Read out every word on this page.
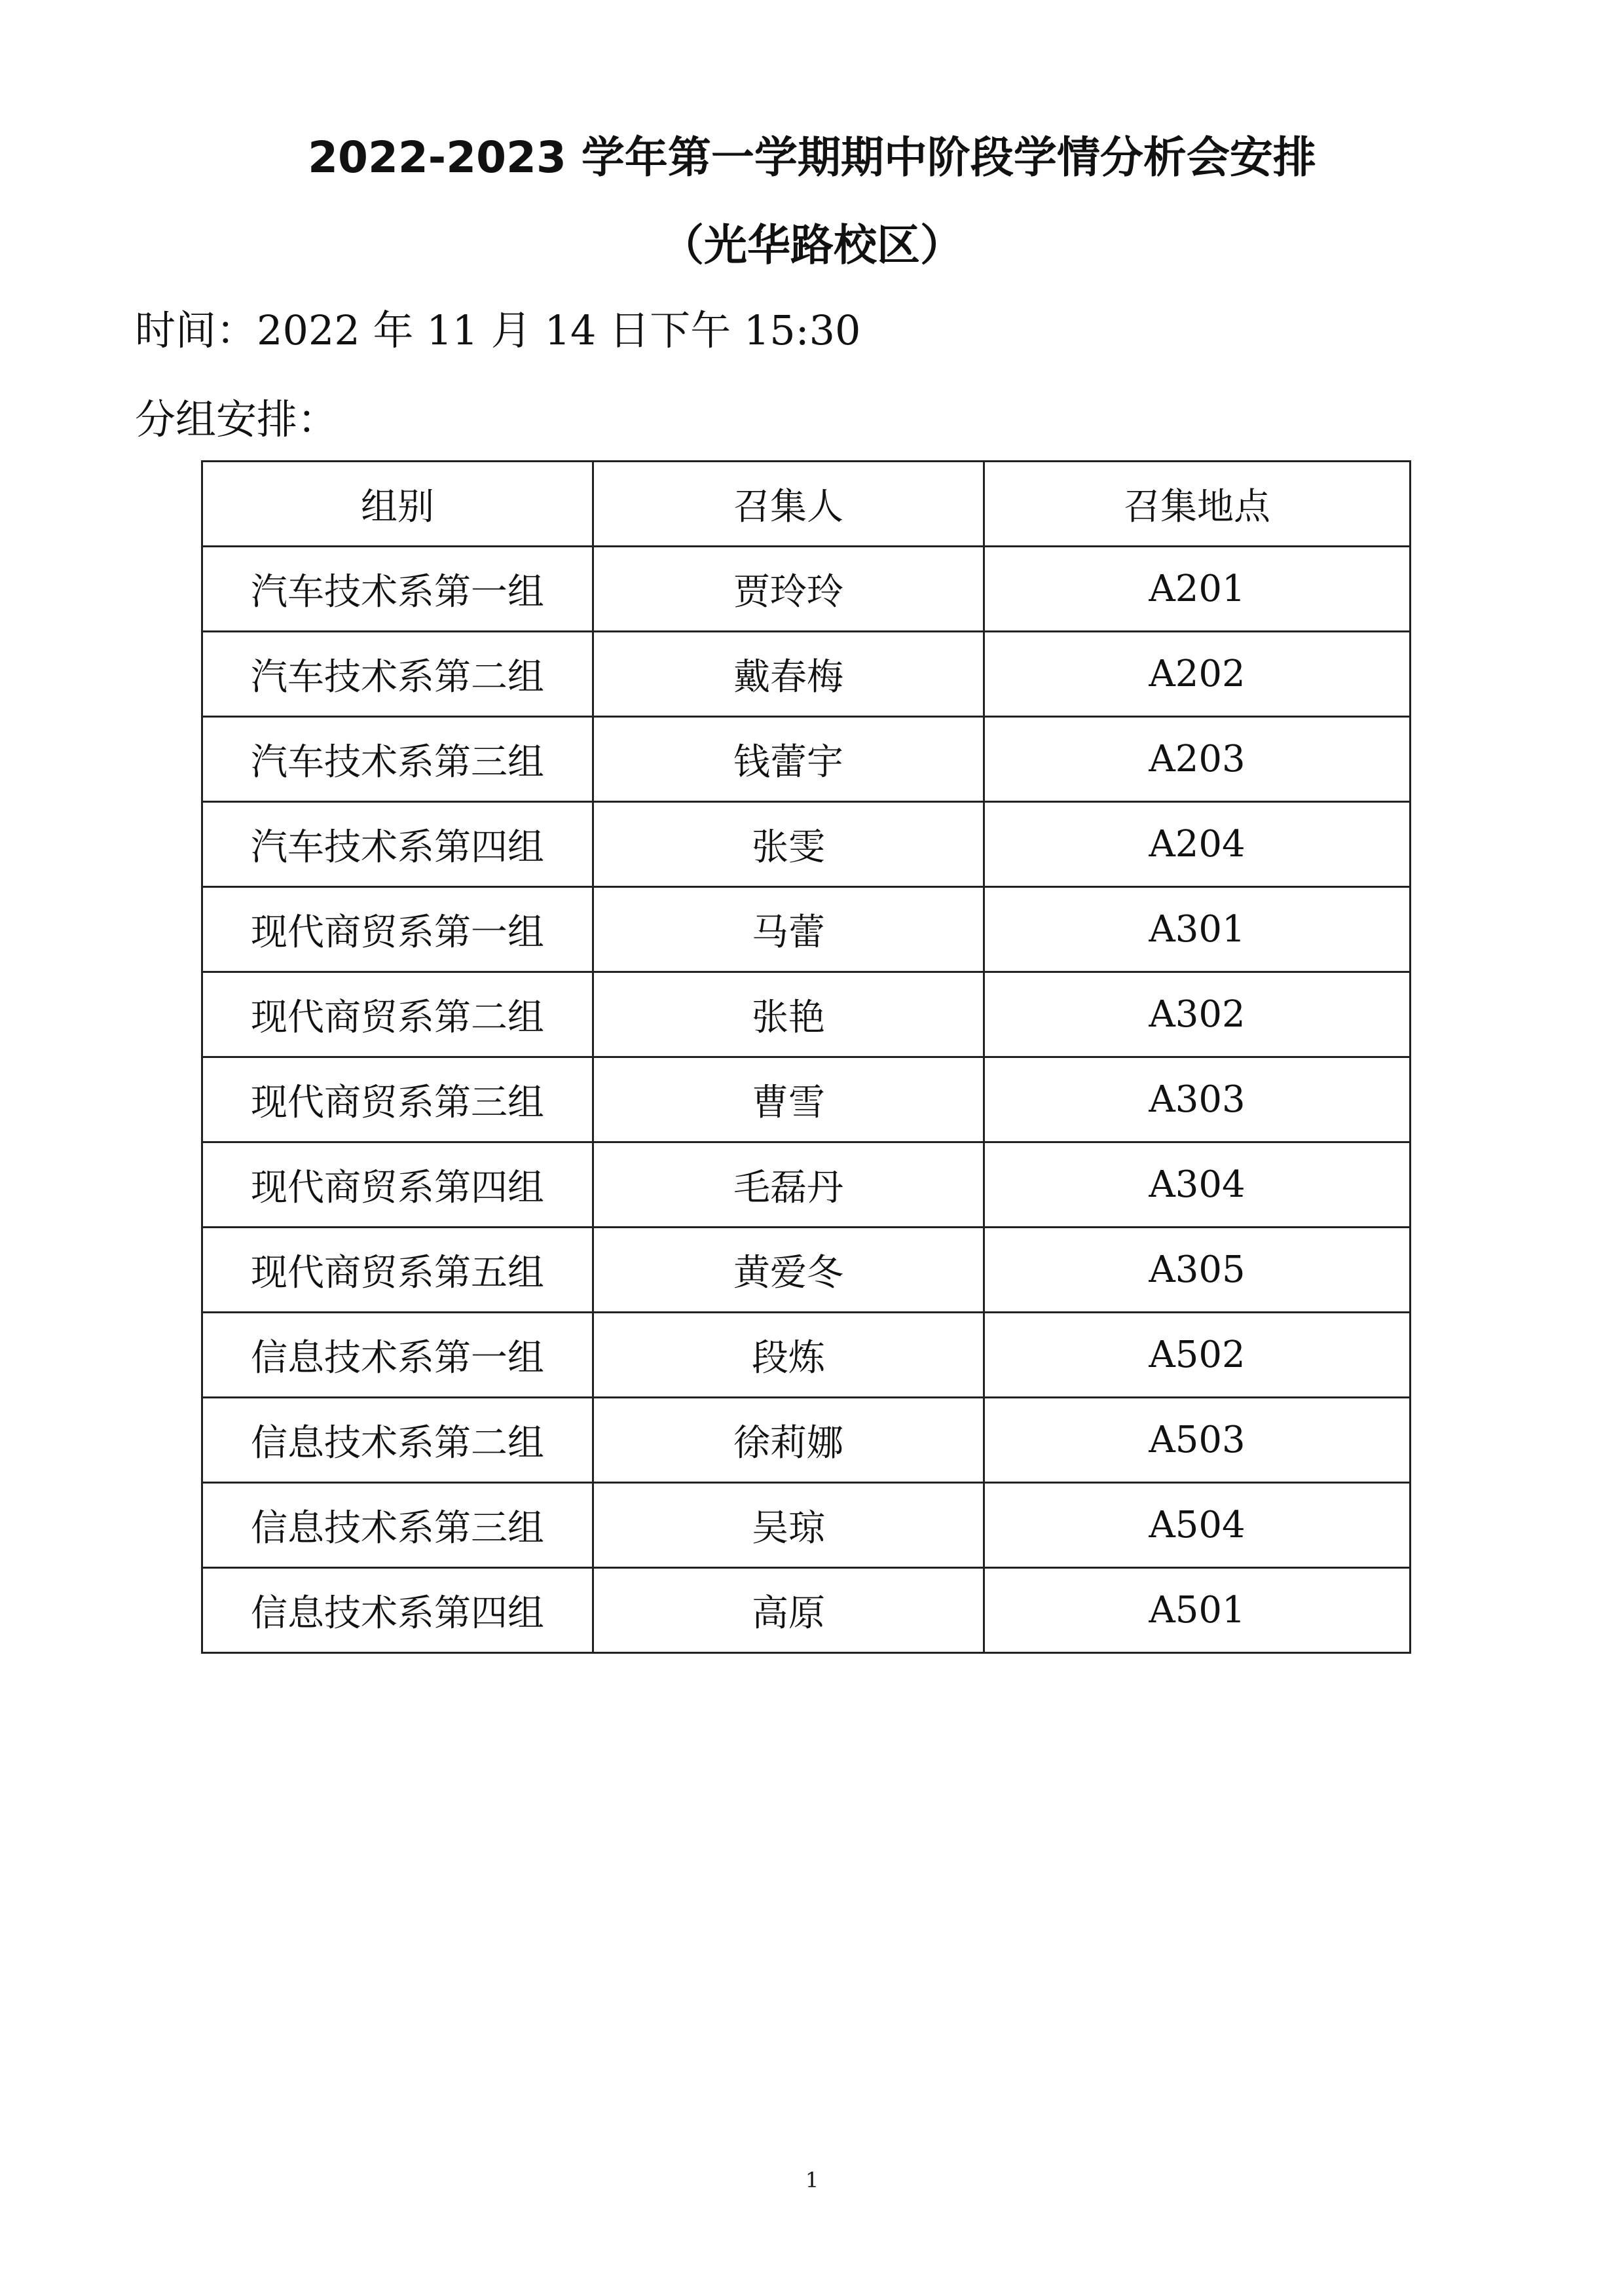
2022-2023 学年第一学期期中阶段学情分析会安排
（光华路校区）

时间：2022 年 11 月 14 日下午 15:30

分组安排：

组别	召集人	召集地点
汽车技术系第一组	贾玲玲	A201
汽车技术系第二组	戴春梅	A202
汽车技术系第三组	钱蕾宇	A203
汽车技术系第四组	张雯	A204
现代商贸系第一组	马蕾	A301
现代商贸系第二组	张艳	A302
现代商贸系第三组	曹雪	A303
现代商贸系第四组	毛磊丹	A304
现代商贸系第五组	黄爱冬	A305
信息技术系第一组	段炼	A502
信息技术系第二组	徐莉娜	A503
信息技术系第三组	吴琼	A504
信息技术系第四组	高原	A501
1
